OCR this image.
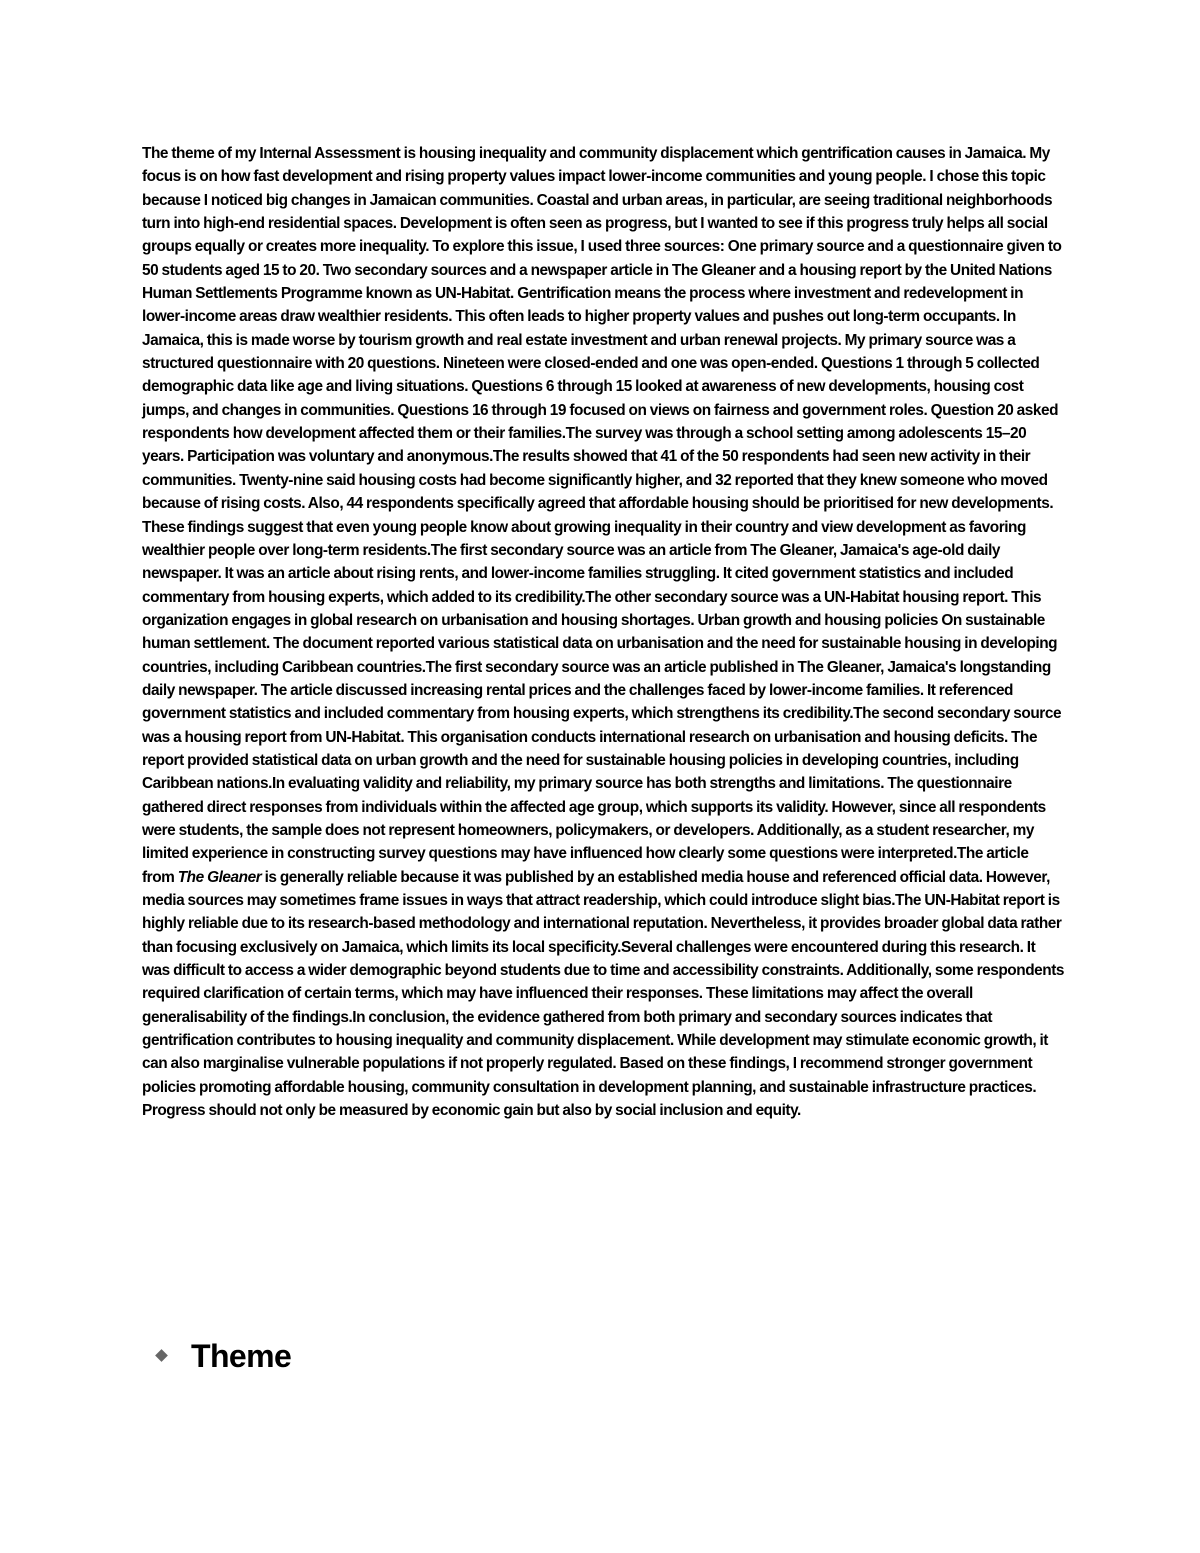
The theme of my Internal Assessment is housing inequality and community displacement which gentrification causes in Jamaica. My focus is on how fast development and rising property values impact lower-income communities and young people. I chose this topic because I noticed big changes in Jamaican communities. Coastal and urban areas, in particular, are seeing traditional neighborhoods turn into high-end residential spaces. Development is often seen as progress, but I wanted to see if this progress truly helps all social groups equally or creates more inequality. To explore this issue, I used three sources: One primary source and a questionnaire given to 50 students aged 15 to 20. Two secondary sources and a newspaper article in The Gleaner and a housing report by the United Nations Human Settlements Programme known as UN-Habitat. Gentrification means the process where investment and redevelopment in lower-income areas draw wealthier residents. This often leads to higher property values and pushes out long-term occupants. In Jamaica, this is made worse by tourism growth and real estate investment and urban renewal projects. My primary source was a structured questionnaire with 20 questions. Nineteen were closed-ended and one was open-ended. Questions 1 through 5 collected demographic data like age and living situations. Questions 6 through 15 looked at awareness of new developments, housing cost jumps, and changes in communities. Questions 16 through 19 focused on views on fairness and government roles. Question 20 asked respondents how development affected them or their families.The survey was through a school setting among adolescents 15–20 years. Participation was voluntary and anonymous.The results showed that 41 of the 50 respondents had seen new activity in their communities. Twenty-nine said housing costs had become significantly higher, and 32 reported that they knew someone who moved because of rising costs. Also, 44 respondents specifically agreed that affordable housing should be prioritised for new developments. These findings suggest that even young people know about growing inequality in their country and view development as favoring wealthier people over long-term residents.The first secondary source was an article from The Gleaner, Jamaica's age-old daily newspaper. It was an article about rising rents, and lower-income families struggling. It cited government statistics and included commentary from housing experts, which added to its credibility.The other secondary source was a UN-Habitat housing report. This organization engages in global research on urbanisation and housing shortages. Urban growth and housing policies On sustainable human settlement. The document reported various statistical data on urbanisation and the need for sustainable housing in developing countries, including Caribbean countries.The first secondary source was an article published in The Gleaner, Jamaica's longstanding daily newspaper. The article discussed increasing rental prices and the challenges faced by lower-income families. It referenced government statistics and included commentary from housing experts, which strengthens its credibility.The second secondary source was a housing report from UN-Habitat. This organisation conducts international research on urbanisation and housing deficits. The report provided statistical data on urban growth and the need for sustainable housing policies in developing countries, including Caribbean nations.In evaluating validity and reliability, my primary source has both strengths and limitations. The questionnaire gathered direct responses from individuals within the affected age group, which supports its validity. However, since all respondents were students, the sample does not represent homeowners, policymakers, or developers. Additionally, as a student researcher, my
limited experience in constructing survey questions may have influenced how clearly some questions were interpreted.The article from The Gleaner is generally reliable because it was published by an established media house and referenced official data. However, media sources may sometimes frame issues in ways that attract readership, which could introduce slight bias.The UN-Habitat report is highly reliable due to its research-based methodology and international reputation. Nevertheless, it provides broader global data rather than focusing exclusively on Jamaica, which limits its local specificity.Several challenges were encountered during this research. It was difficult to access a wider demographic beyond students due to time and accessibility constraints. Additionally, some respondents required clarification of certain terms, which may have influenced their responses. These limitations may affect the overall generalisability of the findings.In conclusion, the evidence gathered from both primary and secondary sources indicates that gentrification contributes to housing inequality and community displacement. While development may stimulate economic growth, it can also marginalise vulnerable populations if not properly regulated. Based on these findings, I recommend stronger government policies promoting affordable housing, community consultation in development planning, and sustainable infrastructure practices. Progress should not only be measured by economic gain but also by social inclusion and equity.

Theme
